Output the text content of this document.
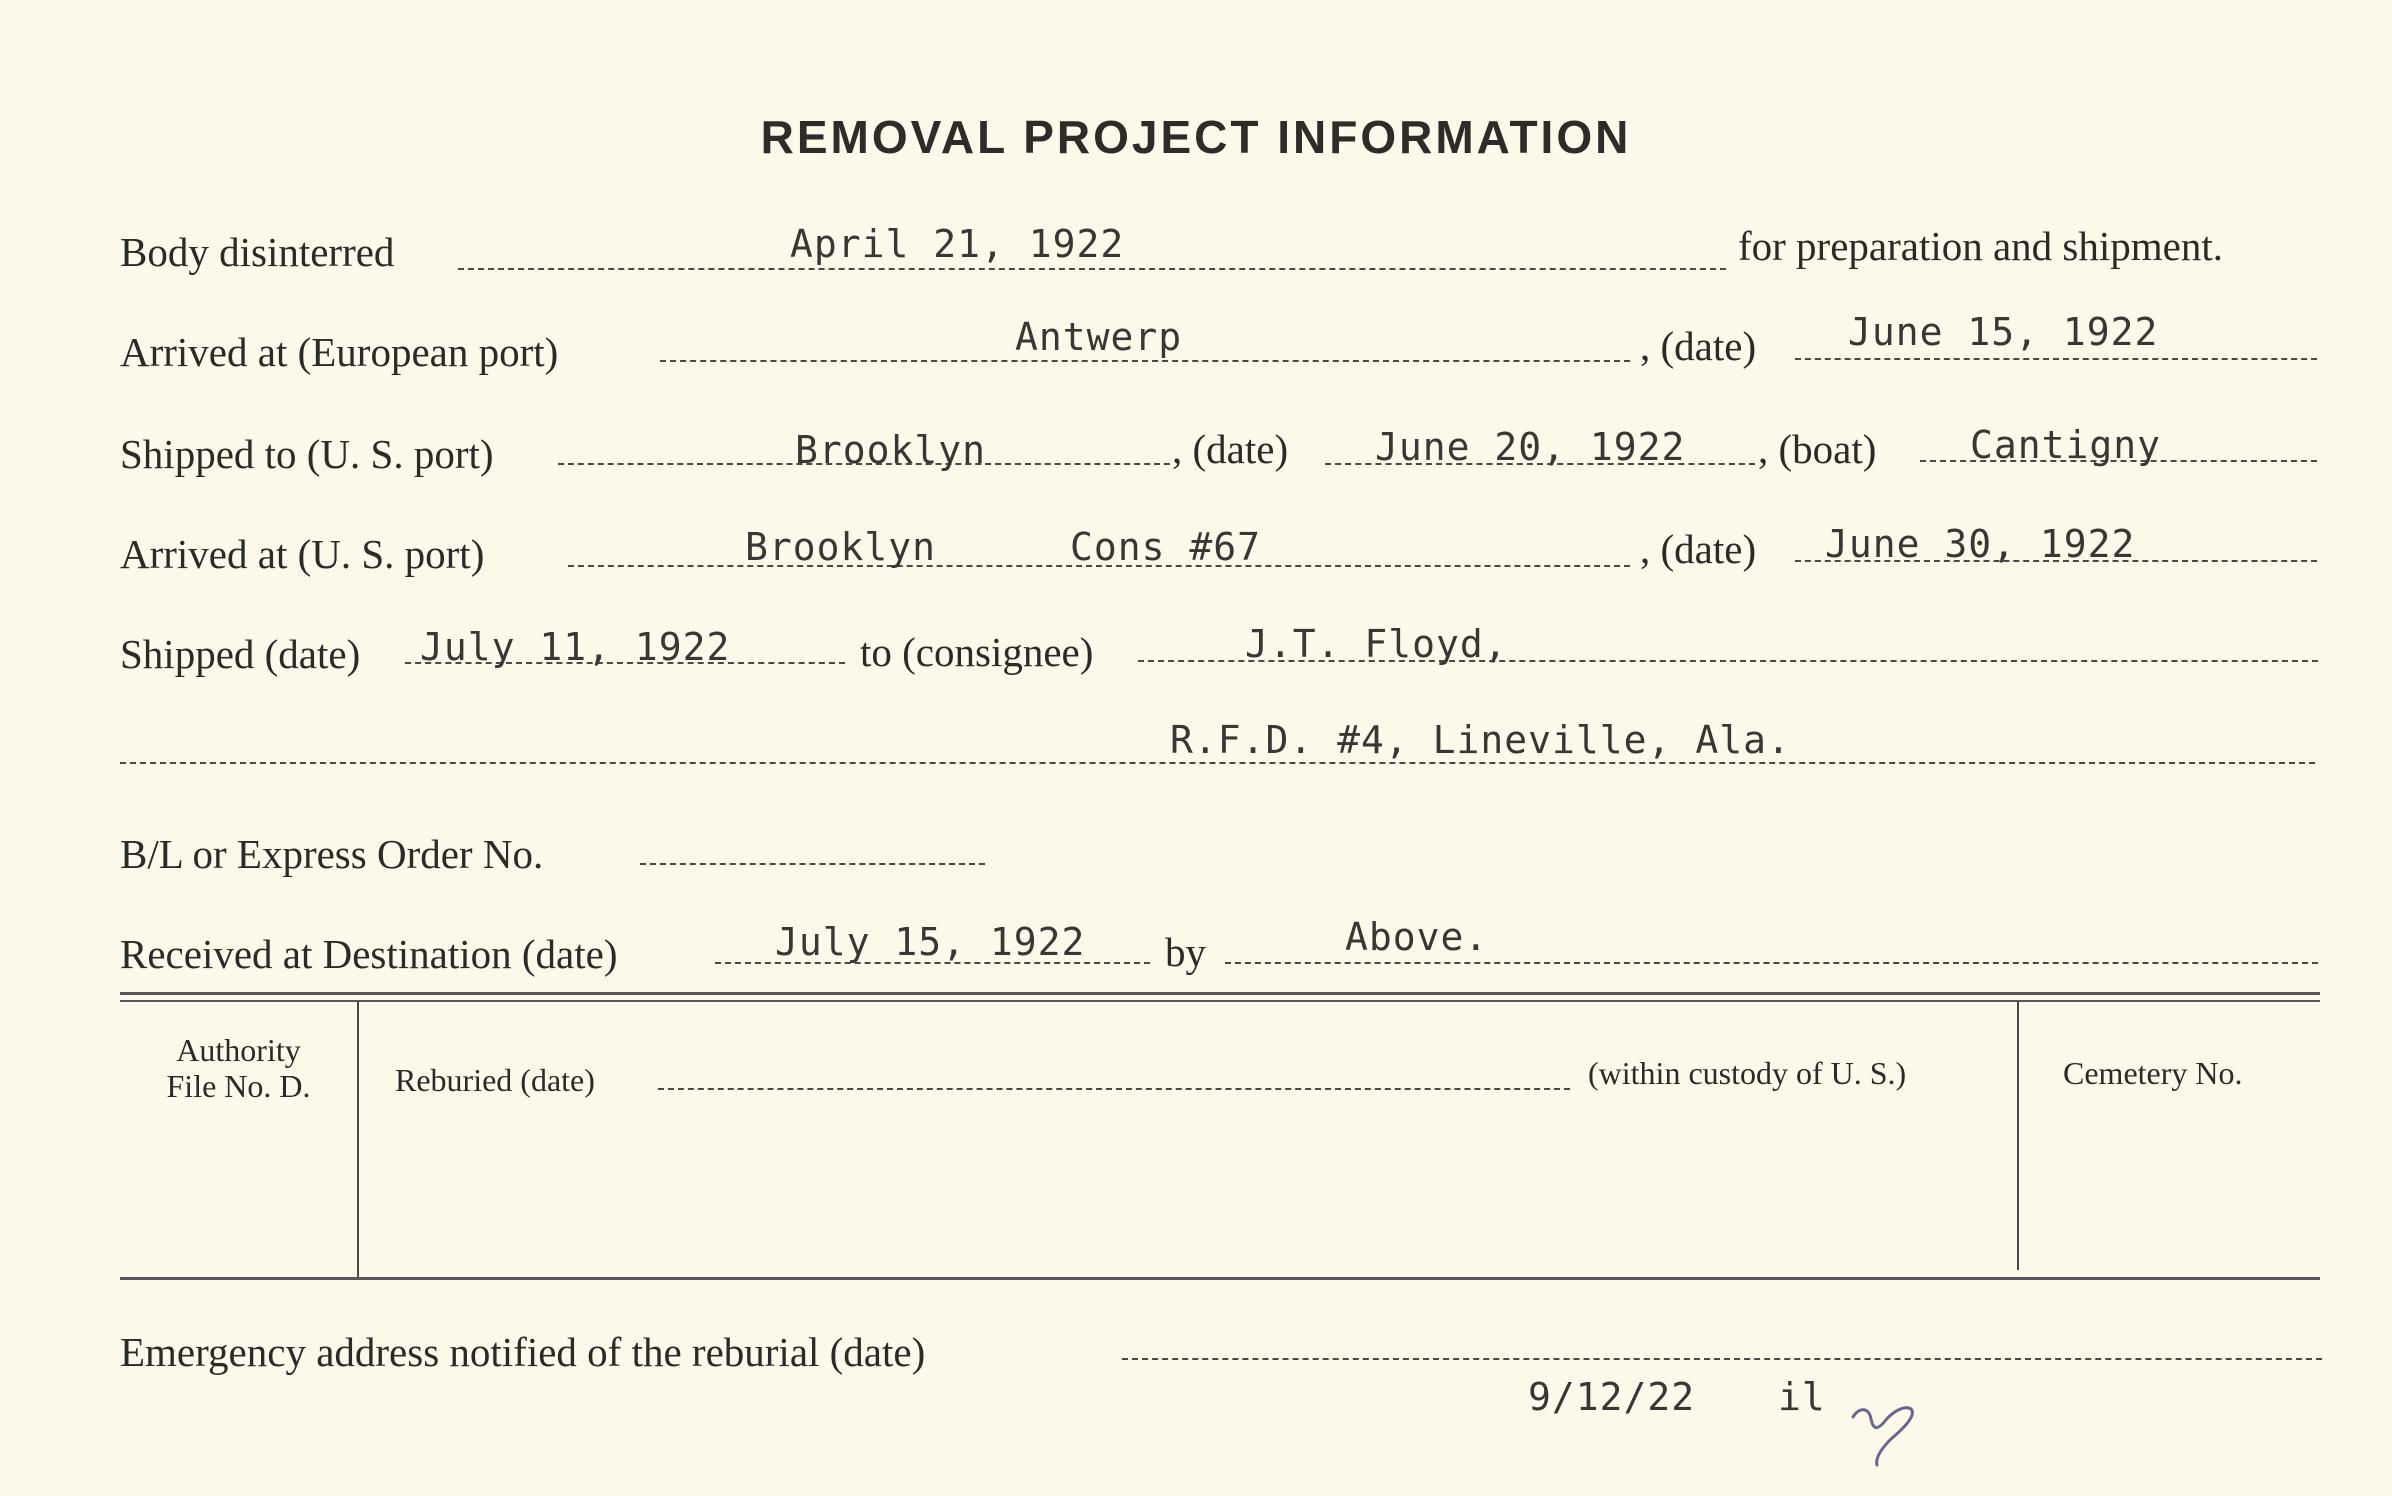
REMOVAL PROJECT INFORMATION
Body disinterred	April 21, 1922	for preparation and shipment.
Arrived at (European port)	Antwerp	, (date) June 15, 1922
Shipped to (U. S. port)	Brooklyn	, (date) June 20, 1922 , (boat) Cantigny
Arrived at (U. S. port)	Brooklyn	Cons #67	, (date) June 30, 1922
Shipped (date) July 11, 1922	to (consignee)	J.T. Floyd,
R.F.D. #4, Lineville, Ala.
B/L or Express Order No.
Received at Destination (date)	July 15, 1922 by	Above.
Authority
File No. D.	Reburied (date)	(within custody of U. S.)	Cemetery No.
Emergency address notified of the reburial (date)
9/12/22 il
